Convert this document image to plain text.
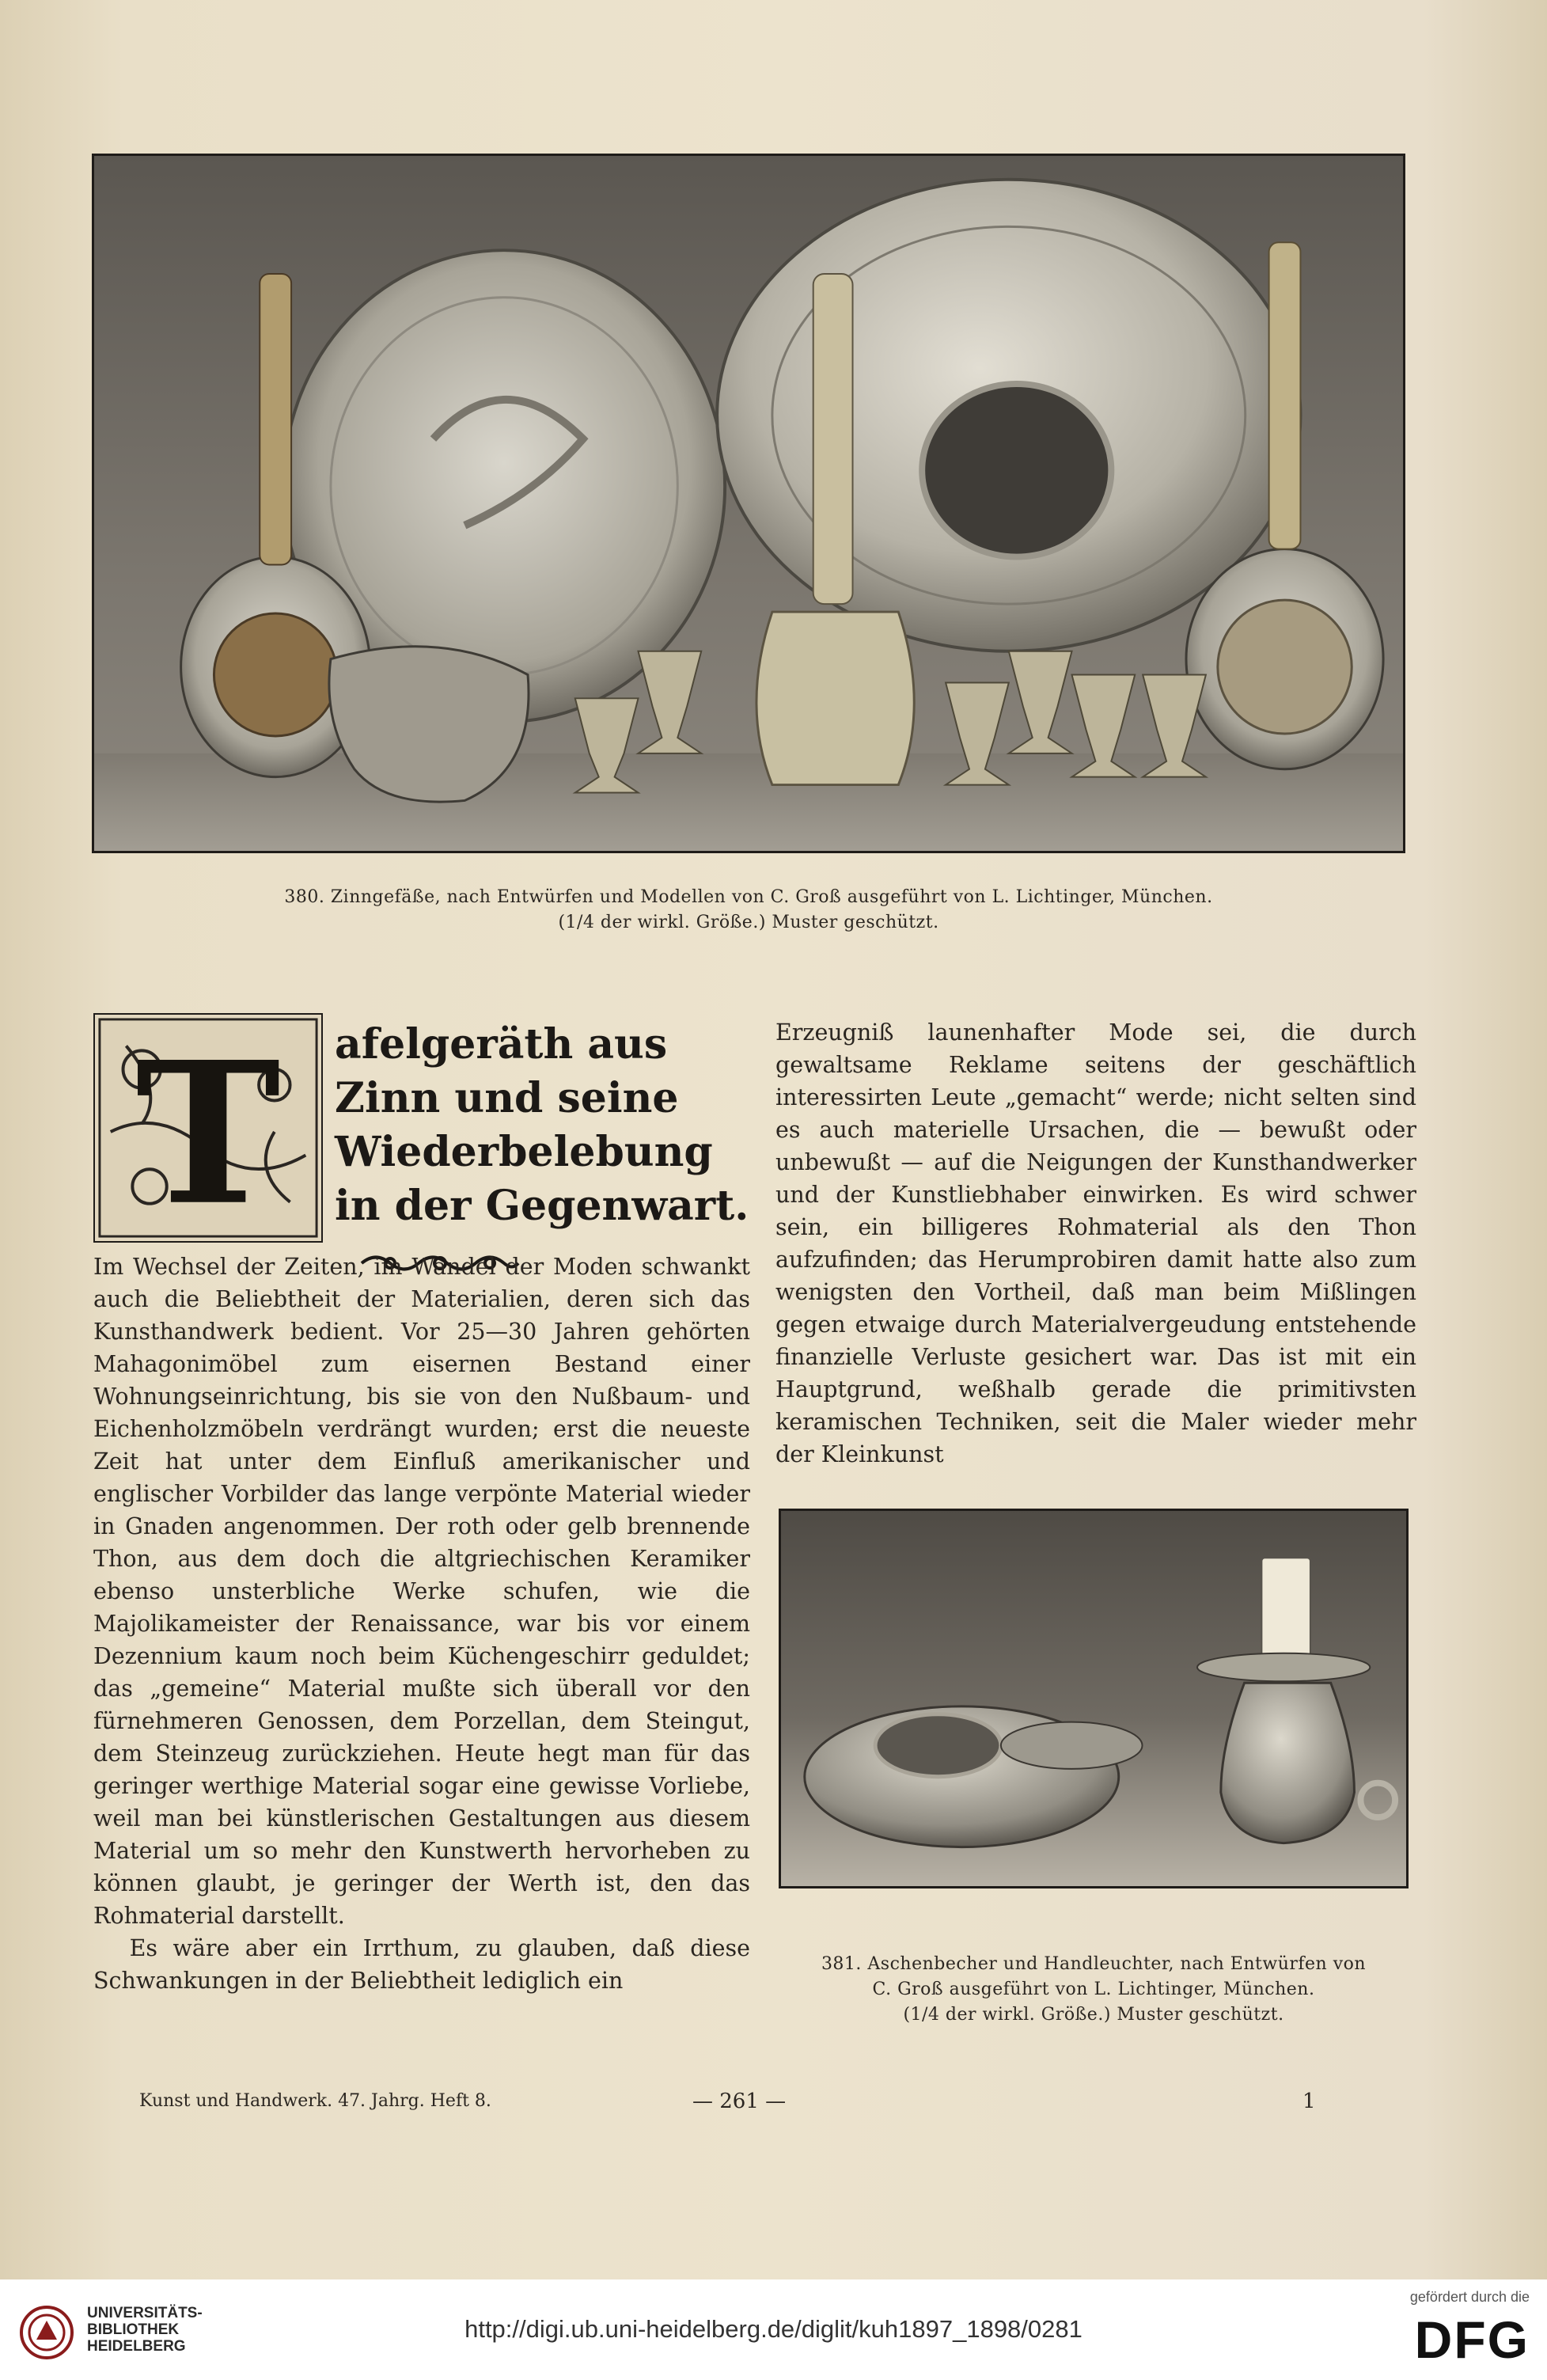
380. Zinngefäße, nach Entwürfen und Modellen von C. Groß ausgeführt von L. Lichtinger, München.
(1/4 der wirkl. Größe.) Muster geschützt.
T afelgeräth aus Zinn und seine Wiederbelebung in der Gegenwart.

Im Wechsel der Zeiten, im Wandel der Moden schwankt auch die Beliebtheit der Materialien, deren sich das Kunsthandwerk bedient. Vor 25—30 Jahren gehörten Mahagonimöbel zum eisernen Bestand einer Wohnungseinrichtung, bis sie von den Nußbaum- und Eichenholzmöbeln verdrängt wurden; erst die neueste Zeit hat unter dem Einfluß amerikanischer und englischer Vorbilder das lange verpönte Material wieder in Gnaden angenommen. Der roth oder gelb brennende Thon, aus dem doch die altgriechischen Keramiker ebenso unsterbliche Werke schufen, wie die Majolikameister der Renaissance, war bis vor einem Dezennium kaum noch beim Küchengeschirr geduldet; das „gemeine“ Material mußte sich überall vor den fürnehmeren Genossen, dem Porzellan, dem Steingut, dem Steinzeug zurückziehen. Heute hegt man für das geringer werthige Material sogar eine gewisse Vorliebe, weil man bei künstlerischen Gestaltungen aus diesem Material um so mehr den Kunstwerth hervorheben zu können glaubt, je geringer der Werth ist, den das Rohmaterial darstellt.

Es wäre aber ein Irrthum, zu glauben, daß diese Schwankungen in der Beliebtheit lediglich ein

Erzeugniß launenhafter Mode sei, die durch gewaltsame Reklame seitens der geschäftlich interessirten Leute „gemacht“ werde; nicht selten sind es auch materielle Ursachen, die — bewußt oder unbewußt — auf die Neigungen der Kunsthandwerker und der Kunstliebhaber einwirken. Es wird schwer sein, ein billigeres Rohmaterial als den Thon aufzufinden; das Herumprobiren damit hatte also zum wenigsten den Vortheil, daß man beim Mißlingen gegen etwaige durch Materialvergeudung entstehende finanzielle Verluste gesichert war. Das ist mit ein Hauptgrund, weßhalb gerade die primitivsten keramischen Techniken, seit die Maler wieder mehr der Kleinkunst

381. Aschenbecher und Handleuchter, nach Entwürfen von
C. Groß ausgeführt von L. Lichtinger, München.
(1/4 der wirkl. Größe.) Muster geschützt.
Kunst und Handwerk. 47. Jahrg. Heft 8.	— 261 —	1
UNIVERSITÄTS-
BIBLIOTHEK
HEIDELBERG
http://digi.ub.uni-heidelberg.de/diglit/kuh1897_1898/0281
gefördert durch die
DFG
